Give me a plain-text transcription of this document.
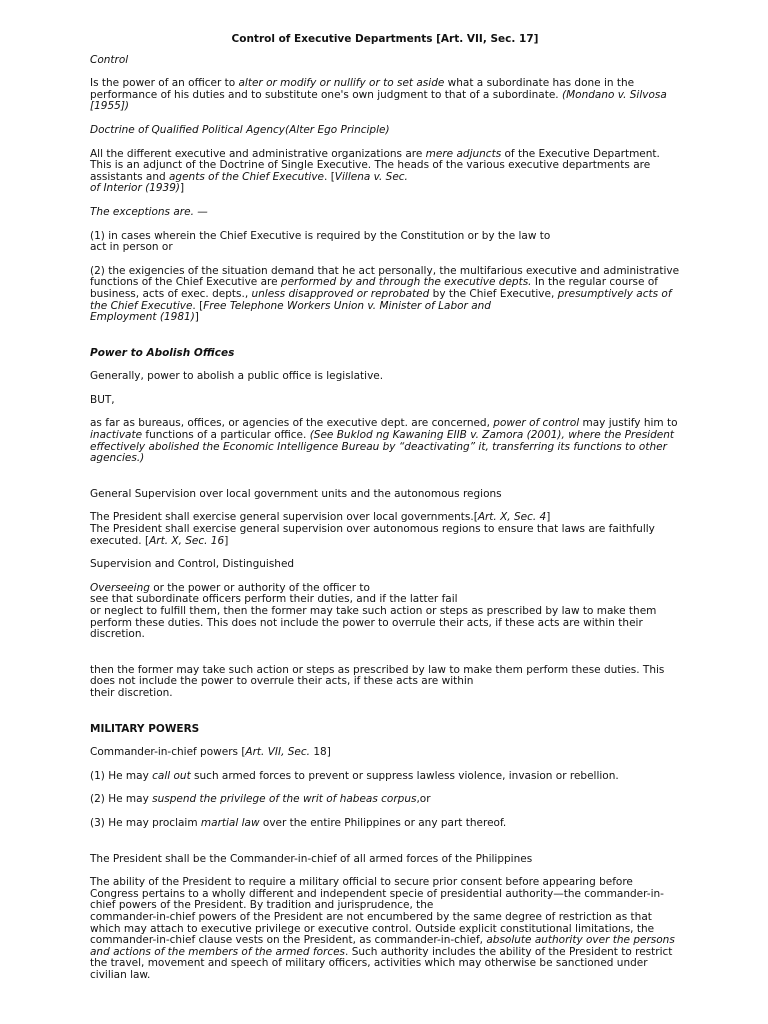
Control of Executive Departments [Art. VII, Sec. 17]

Control

Is the power of an officer to alter or modify or nullify or to set aside what a subordinate has done in the performance of his duties and to substitute one's own judgment to that of a subordinate. (Mondano v. Silvosa [1955])

Doctrine of Qualified Political Agency(Alter Ego Principle)

All the different executive and administrative organizations are mere adjuncts of the Executive Department. This is an adjunct of the Doctrine of Single Executive. The heads of the various executive departments are assistants and agents of the Chief Executive. [Villena v. Sec.
of Interior (1939)]

The exceptions are. —

(1) in cases wherein the Chief Executive is required by the Constitution or by the law to
act in person or

(2) the exigencies of the situation demand that he act personally, the multifarious executive and administrative functions of the Chief Executive are performed by and through the executive depts. In the regular course of business, acts of exec. depts., unless disapproved or reprobated by the Chief Executive, presumptively acts of the Chief Executive. [Free Telephone Workers Union v. Minister of Labor and
Employment (1981)]

Power to Abolish Offices

Generally, power to abolish a public office is legislative.

BUT,

as far as bureaus, offices, or agencies of the executive dept. are concerned, power of control may justify him to inactivate functions of a particular office. (See Buklod ng Kawaning EIIB v. Zamora (2001), where the President effectively abolished the Economic Intelligence Bureau by “deactivating” it, transferring its functions to other agencies.)

General Supervision over local government units and the autonomous regions

The President shall exercise general supervision over local governments.[Art. X, Sec. 4]
The President shall exercise general supervision over autonomous regions to ensure that laws are faithfully executed. [Art. X, Sec. 16]

Supervision and Control, Distinguished

Overseeing or the power or authority of the officer to
see that subordinate officers perform their duties, and if the latter fail
or neglect to fulfill them, then the former may take such action or steps as prescribed by law to make them perform these duties. This does not include the power to overrule their acts, if these acts are within their discretion.

then the former may take such action or steps as prescribed by law to make them perform these duties. This does not include the power to overrule their acts, if these acts are within
their discretion.

MILITARY POWERS

Commander-in-chief powers [Art. VII, Sec. 18]

(1) He may call out such armed forces to prevent or suppress lawless violence, invasion or rebellion.

(2) He may suspend the privilege of the writ of habeas corpus,or

(3) He may proclaim martial law over the entire Philippines or any part thereof.

The President shall be the Commander-in-chief of all armed forces of the Philippines

The ability of the President to require a military official to secure prior consent before appearing before Congress pertains to a wholly different and independent specie of presidential authority—the commander-in-chief powers of the President. By tradition and jurisprudence, the
commander-in-chief powers of the President are not encumbered by the same degree of restriction as that which may attach to executive privilege or executive control. Outside explicit constitutional limitations, the commander-in-chief clause vests on the President, as commander-in-chief, absolute authority over the persons and actions of the members of the armed forces. Such authority includes the ability of the President to restrict the travel, movement and speech of military officers, activities which may otherwise be sanctioned under civilian law.
